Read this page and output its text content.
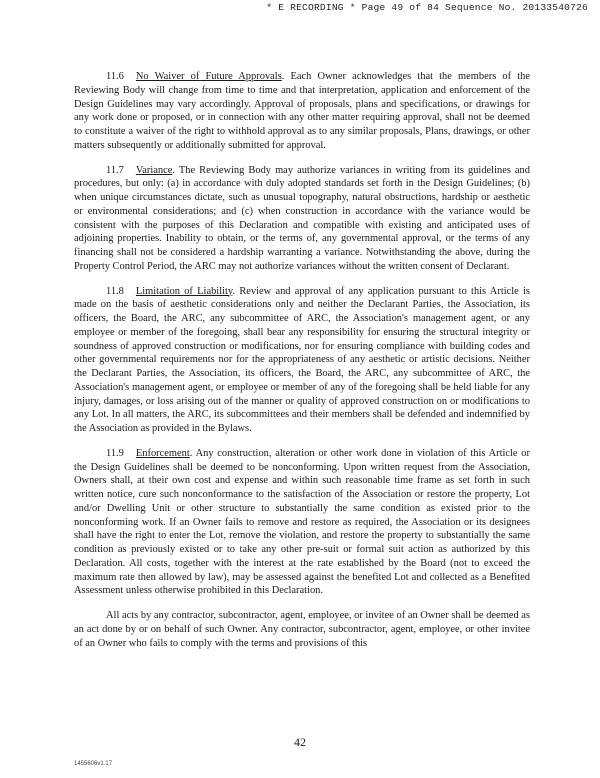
* E RECORDING * Page 49 of 84 Sequence No. 20133540726

11.6 No Waiver of Future Approvals. Each Owner acknowledges that the members of the Reviewing Body will change from time to time and that interpretation, application and enforcement of the Design Guidelines may vary accordingly. Approval of proposals, plans and specifications, or drawings for any work done or proposed, or in connection with any other matter requiring approval, shall not be deemed to constitute a waiver of the right to withhold approval as to any similar proposals, Plans, drawings, or other matters subsequently or additionally submitted for approval.

11.7 Variance. The Reviewing Body may authorize variances in writing from its guidelines and procedures, but only: (a) in accordance with duly adopted standards set forth in the Design Guidelines; (b) when unique circumstances dictate, such as unusual topography, natural obstructions, hardship or aesthetic or environmental considerations; and (c) when construction in accordance with the variance would be consistent with the purposes of this Declaration and compatible with existing and anticipated uses of adjoining properties. Inability to obtain, or the terms of, any governmental approval, or the terms of any financing shall not be considered a hardship warranting a variance. Notwithstanding the above, during the Property Control Period, the ARC may not authorize variances without the written consent of Declarant.

11.8 Limitation of Liability. Review and approval of any application pursuant to this Article is made on the basis of aesthetic considerations only and neither the Declarant Parties, the Association, its officers, the Board, the ARC, any subcommittee of ARC, the Association's management agent, or any employee or member of the foregoing, shall bear any responsibility for ensuring the structural integrity or soundness of approved construction or modifications, nor for ensuring compliance with building codes and other governmental requirements nor for the appropriateness of any aesthetic or artistic decisions. Neither the Declarant Parties, the Association, its officers, the Board, the ARC, any subcommittee of ARC, the Association's management agent, or employee or member of any of the foregoing shall be held liable for any injury, damages, or loss arising out of the manner or quality of approved construction on or modifications to any Lot. In all matters, the ARC, its subcommittees and their members shall be defended and indemnified by the Association as provided in the Bylaws.

11.9 Enforcement. Any construction, alteration or other work done in violation of this Article or the Design Guidelines shall be deemed to be nonconforming. Upon written request from the Association, Owners shall, at their own cost and expense and within such reasonable time frame as set forth in such written notice, cure such nonconformance to the satisfaction of the Association or restore the property, Lot and/or Dwelling Unit or other structure to substantially the same condition as existed prior to the nonconforming work. If an Owner fails to remove and restore as required, the Association or its designees shall have the right to enter the Lot, remove the violation, and restore the property to substantially the same condition as previously existed or to take any other pre-suit or formal suit action as authorized by this Declaration. All costs, together with the interest at the rate established by the Board (not to exceed the maximum rate then allowed by law), may be assessed against the benefited Lot and collected as a Benefited Assessment unless otherwise prohibited in this Declaration.

All acts by any contractor, subcontractor, agent, employee, or invitee of an Owner shall be deemed as an act done by or on behalf of such Owner. Any contractor, subcontractor, agent, employee, or other invitee of an Owner who fails to comply with the terms and provisions of this

42
1455606v1.17
